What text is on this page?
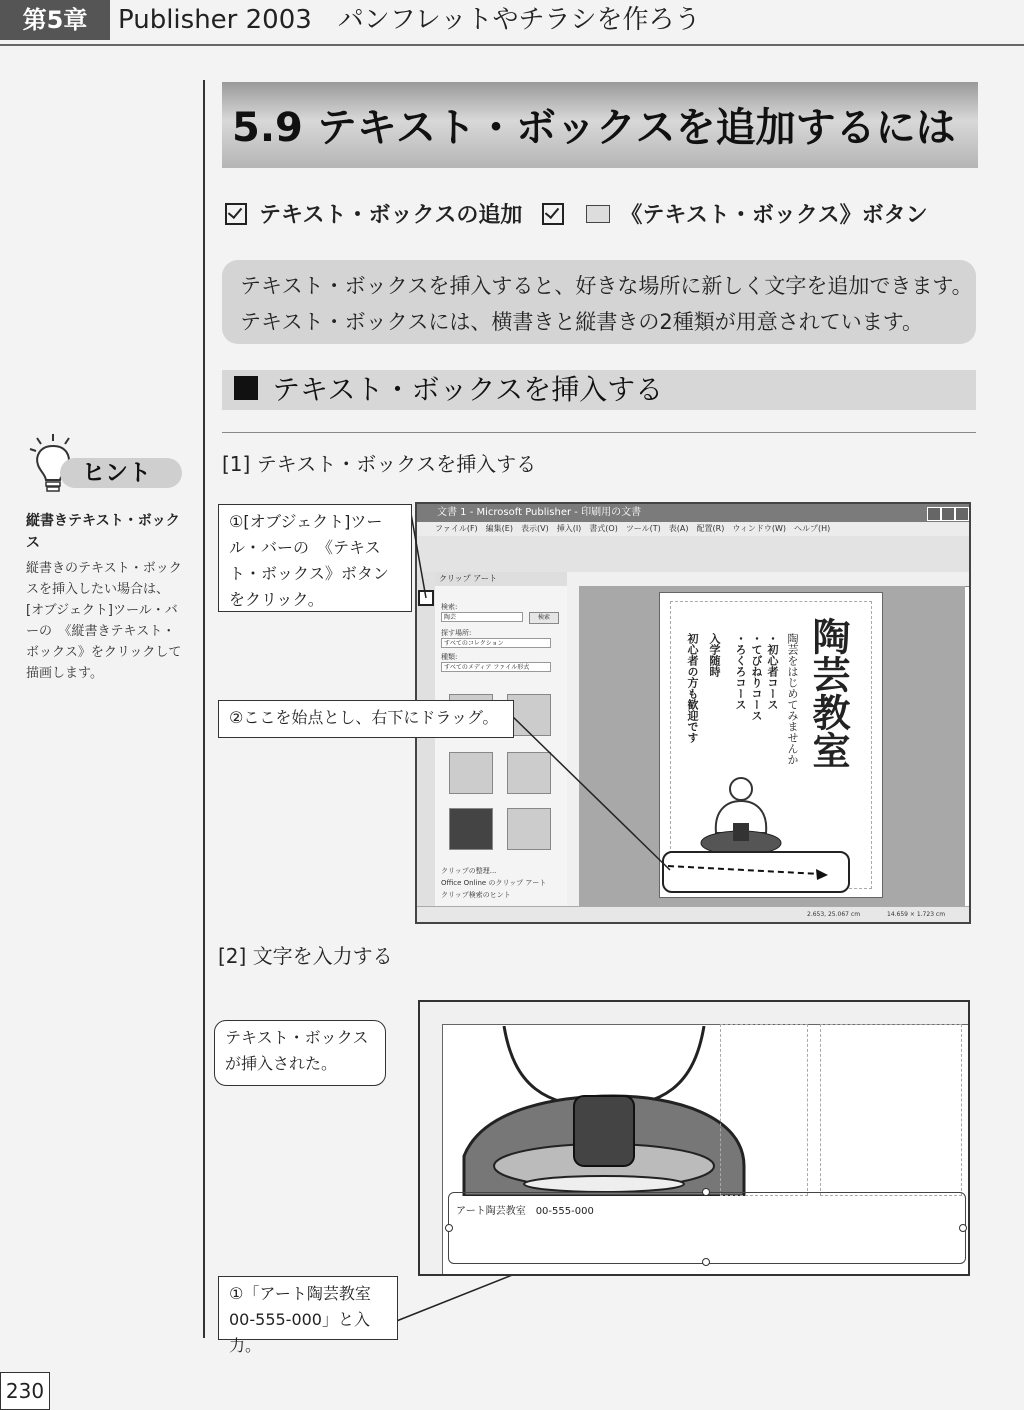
第5章	Publisher 2003　パンフレットやチラシを作ろう
5.9 テキスト・ボックスを追加するには
テキスト・ボックスの追加	《テキスト・ボックス》ボタン
テキスト・ボックスを挿入すると、好きな場所に新しく文字を追加できます。
テキスト・ボックスには、横書きと縦書きの2種類が用意されています。
テキスト・ボックスを挿入する
[1] テキスト・ボックスを挿入する
[2] 文字を入力する
ヒント
縦書きテキスト・ボックス
縦書きのテキスト・ボックスを挿入したい場合は、[オブジェクト]ツール・バーの　《縦書きテキスト・ボックス》をクリックして描画します。
文書 1 - Microsoft Publisher - 印刷用の文書
ファイル(F)　編集(E)　表示(V)　挿入(I)　書式(O)　ツール(T)　表(A)　配置(R)　ウィンドウ(W)　ヘルプ(H)
クリップ アート
検索:
陶芸	検索
探す場所:
すべてのコレクション
種類:
すべてのメディア ファイル形式
クリップの整理...
Office Online のクリップ アート
クリップ検索のヒント
陶芸教室
陶芸をはじめてみませんか
・初心者コース
・てびねりコース
・ろくろコース
入学随時
初心者の方も歓迎です
2.653, 25.067 cm	14.659 × 1.723 cm
①[オブジェクト]ツール・バーの　《テキスト・ボックス》ボタンをクリック。
②ここを始点とし、右下にドラッグ。
テキスト・ボックスが挿入された。
①「アート陶芸教室
00-555-000」と入力。
アート陶芸教室　00-555-000
230
